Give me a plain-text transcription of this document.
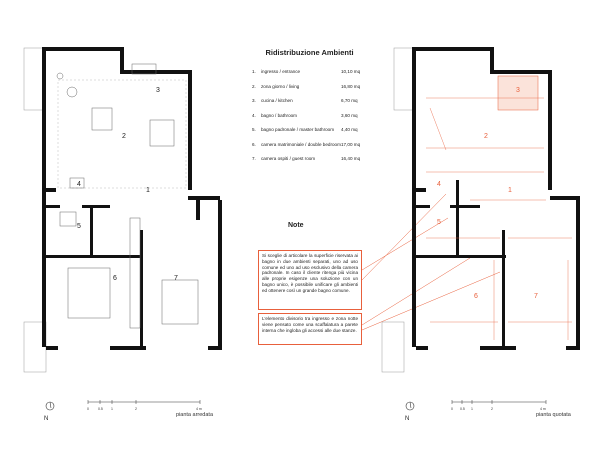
3
2
1
4
5
6	7
0	0.5 1	2	4 m
N
pianta arredata
Ridistribuzione Ambienti
1.	ingresso / entrance	10,10 mq
2.	zona giorno / living	16,80 mq
3.	cucina / kitchen	6,70 mq
4.	bagno / bathroom	3,60 mq
5.	bagno padronale / master bathroom	4,40 mq
6.	camera matrimoniale / double bedroom 17,00 mq
7.	camera ospiti / guest room	16,40 mq
Note
Si sceglie di articolare la superficie riservata ai bagno in due ambienti separati, uno ad uso comune ed uno ad uso esclusivo della camera padronale. In caso il cliente ritenga più vicina alle proprie esigenze una soluzione con un bagno unico, è possibile unificare gli ambienti ed ottenere così un grande bagno comune.
L'elemento divisorio tra ingresso e zona notte viene pensato come una scaffalatura a parete interna che ingloba gli accessi alle due stanze.
3
2
1
4
5
6	7
0 0.5 1	2	4 m
N
pianta quotata
